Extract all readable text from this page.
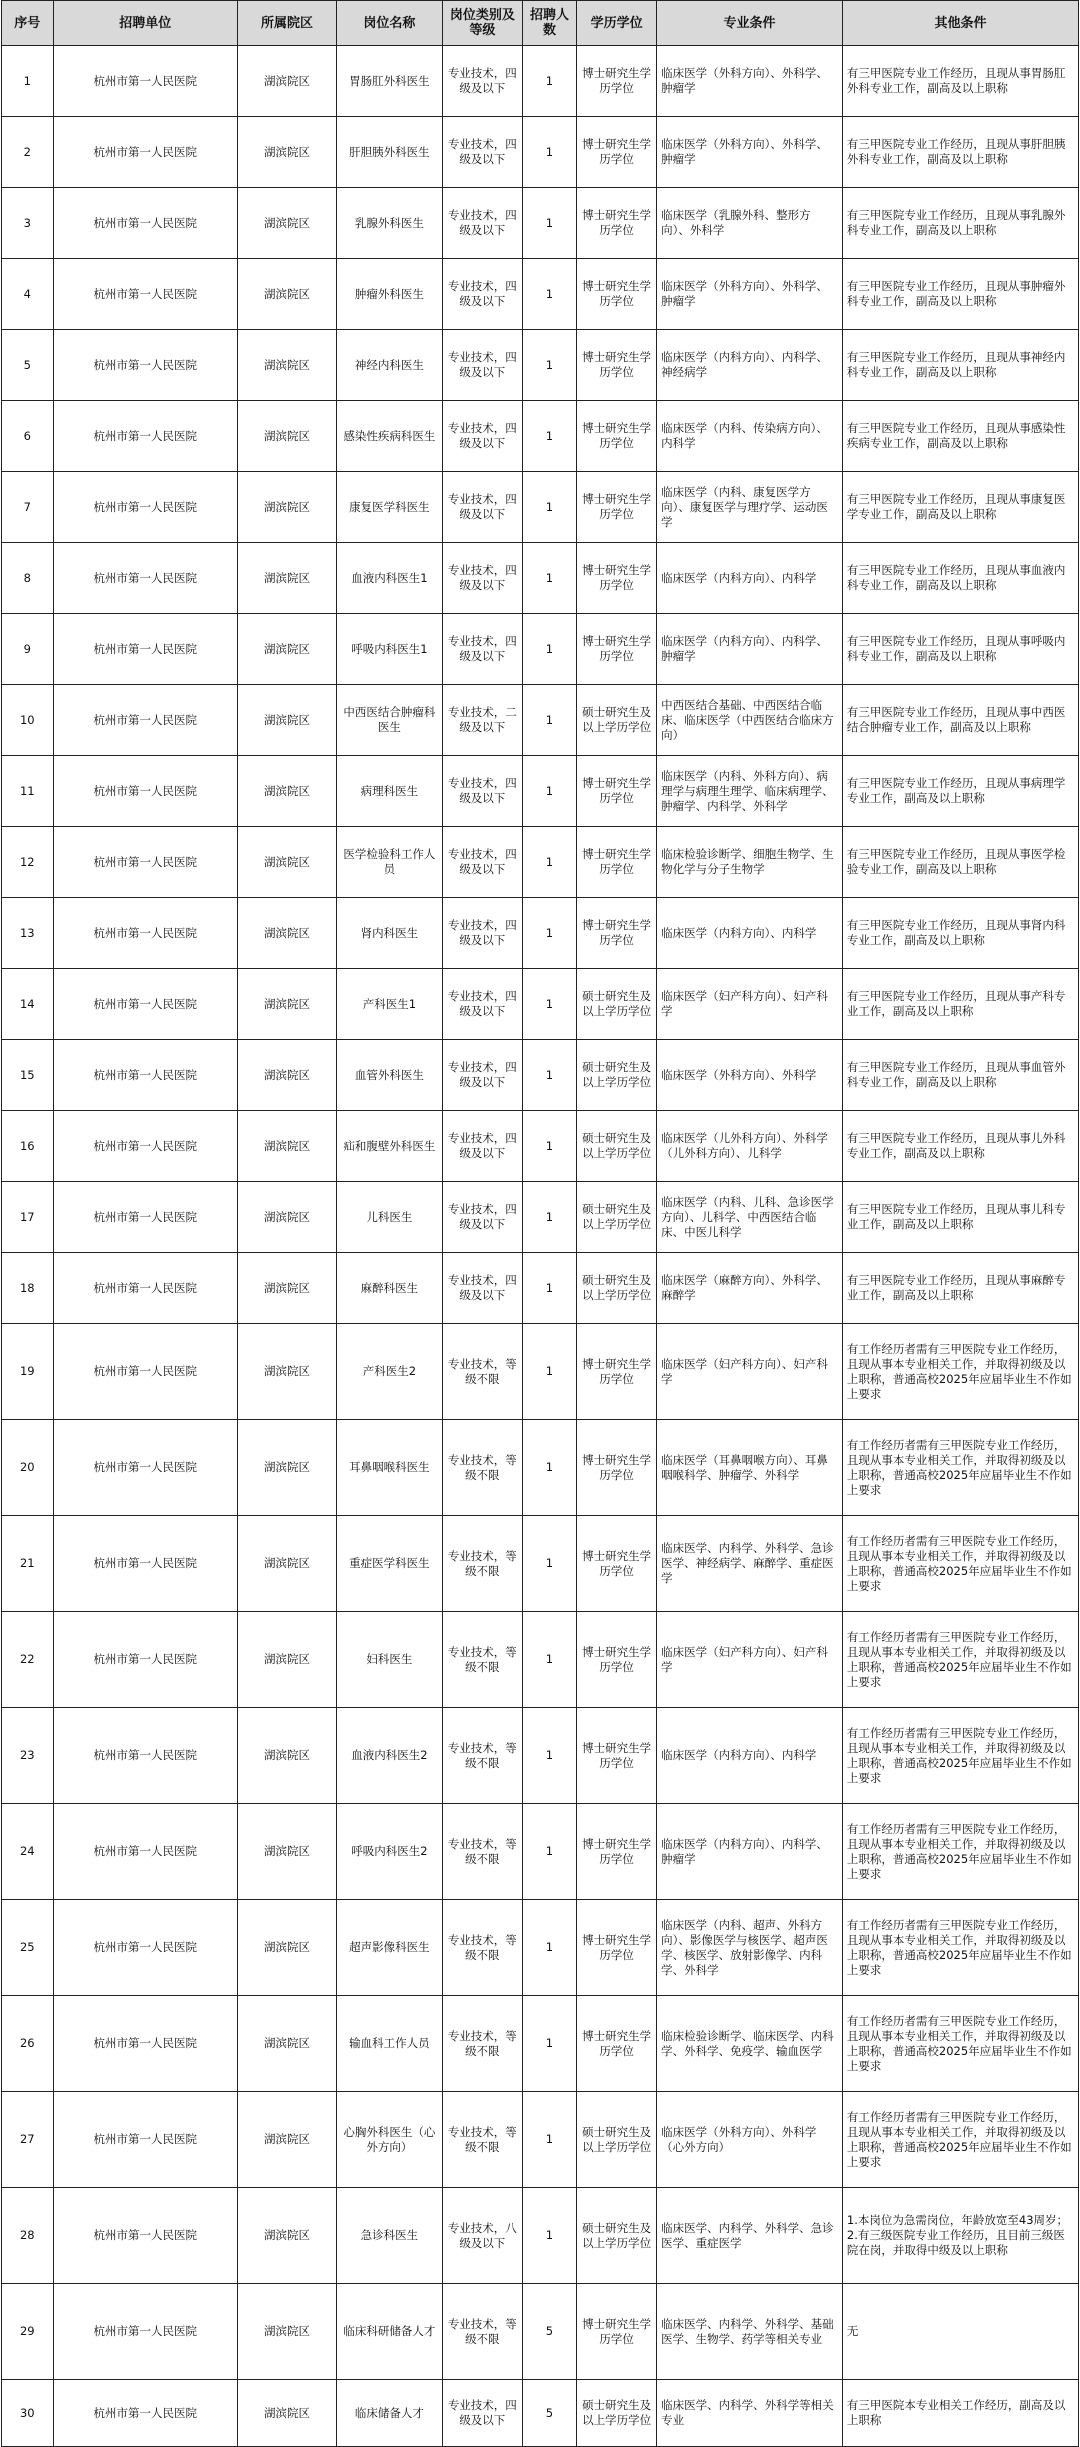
序号	招聘单位	所属院区	岗位名称	岗位类别及等级	招聘人数	学历学位	专业条件	其他条件
1	杭州市第一人民医院	湖滨院区	胃肠肛外科医生	专业技术，四级及以下	1	博士研究生学历学位	临床医学（外科方向）、外科学、肿瘤学	有三甲医院专业工作经历，且现从事胃肠肛外科专业工作，副高及以上职称
2	杭州市第一人民医院	湖滨院区	肝胆胰外科医生	专业技术，四级及以下	1	博士研究生学历学位	临床医学（外科方向）、外科学、肿瘤学	有三甲医院专业工作经历，且现从事肝胆胰外科专业工作，副高及以上职称
3	杭州市第一人民医院	湖滨院区	乳腺外科医生	专业技术，四级及以下	1	博士研究生学历学位	临床医学（乳腺外科、整形方向）、外科学	有三甲医院专业工作经历，且现从事乳腺外科专业工作，副高及以上职称
4	杭州市第一人民医院	湖滨院区	肿瘤外科医生	专业技术，四级及以下	1	博士研究生学历学位	临床医学（外科方向）、外科学、肿瘤学	有三甲医院专业工作经历，且现从事肿瘤外科专业工作，副高及以上职称
5	杭州市第一人民医院	湖滨院区	神经内科医生	专业技术，四级及以下	1	博士研究生学历学位	临床医学（内科方向）、内科学、神经病学	有三甲医院专业工作经历，且现从事神经内科专业工作，副高及以上职称
6	杭州市第一人民医院	湖滨院区	感染性疾病科医生	专业技术，四级及以下	1	博士研究生学历学位	临床医学（内科、传染病方向）、内科学	有三甲医院专业工作经历，且现从事感染性疾病专业工作，副高及以上职称
7	杭州市第一人民医院	湖滨院区	康复医学科医生	专业技术，四级及以下	1	博士研究生学历学位	临床医学（内科、康复医学方向）、康复医学与理疗学、运动医学	有三甲医院专业工作经历，且现从事康复医学专业工作，副高及以上职称
8	杭州市第一人民医院	湖滨院区	血液内科医生1	专业技术，四级及以下	1	博士研究生学历学位	临床医学（内科方向）、内科学	有三甲医院专业工作经历，且现从事血液内科专业工作，副高及以上职称
9	杭州市第一人民医院	湖滨院区	呼吸内科医生1	专业技术，四级及以下	1	博士研究生学历学位	临床医学（内科方向）、内科学、肿瘤学	有三甲医院专业工作经历，且现从事呼吸内科专业工作，副高及以上职称
10	杭州市第一人民医院	湖滨院区	中西医结合肿瘤科医生	专业技术，二级及以下	1	硕士研究生及以上学历学位	中西医结合基础、中西医结合临床、临床医学（中西医结合临床方向）	有三甲医院专业工作经历，且现从事中西医结合肿瘤专业工作，副高及以上职称
11	杭州市第一人民医院	湖滨院区	病理科医生	专业技术，四级及以下	1	博士研究生学历学位	临床医学（内科、外科方向）、病理学与病理生理学、临床病理学、肿瘤学、内科学、外科学	有三甲医院专业工作经历，且现从事病理学专业工作，副高及以上职称
12	杭州市第一人民医院	湖滨院区	医学检验科工作人员	专业技术，四级及以下	1	博士研究生学历学位	临床检验诊断学、细胞生物学、生物化学与分子生物学	有三甲医院专业工作经历，且现从事医学检验专业工作，副高及以上职称
13	杭州市第一人民医院	湖滨院区	肾内科医生	专业技术，四级及以下	1	博士研究生学历学位	临床医学（内科方向）、内科学	有三甲医院专业工作经历，且现从事肾内科专业工作，副高及以上职称
14	杭州市第一人民医院	湖滨院区	产科医生1	专业技术，四级及以下	1	硕士研究生及以上学历学位	临床医学（妇产科方向）、妇产科学	有三甲医院专业工作经历，且现从事产科专业工作，副高及以上职称
15	杭州市第一人民医院	湖滨院区	血管外科医生	专业技术，四级及以下	1	硕士研究生及以上学历学位	临床医学（外科方向）、外科学	有三甲医院专业工作经历，且现从事血管外科专业工作，副高及以上职称
16	杭州市第一人民医院	湖滨院区	疝和腹壁外科医生	专业技术，四级及以下	1	硕士研究生及以上学历学位	临床医学（儿外科方向）、外科学（儿外科方向）、儿科学	有三甲医院专业工作经历，且现从事儿外科专业工作，副高及以上职称
17	杭州市第一人民医院	湖滨院区	儿科医生	专业技术，四级及以下	1	硕士研究生及以上学历学位	临床医学（内科、儿科、急诊医学方向）、儿科学、中西医结合临床、中医儿科学	有三甲医院专业工作经历，且现从事儿科专业工作，副高及以上职称
18	杭州市第一人民医院	湖滨院区	麻醉科医生	专业技术，四级及以下	1	硕士研究生及以上学历学位	临床医学（麻醉方向）、外科学、麻醉学	有三甲医院专业工作经历，且现从事麻醉专业工作，副高及以上职称
19	杭州市第一人民医院	湖滨院区	产科医生2	专业技术，等级不限	1	博士研究生学历学位	临床医学（妇产科方向）、妇产科学	有工作经历者需有三甲医院专业工作经历，且现从事本专业相关工作，并取得初级及以上职称，普通高校2025年应届毕业生不作如上要求
20	杭州市第一人民医院	湖滨院区	耳鼻咽喉科医生	专业技术，等级不限	1	博士研究生学历学位	临床医学（耳鼻咽喉方向）、耳鼻咽喉科学、肿瘤学、外科学	有工作经历者需有三甲医院专业工作经历，且现从事本专业相关工作，并取得初级及以上职称，普通高校2025年应届毕业生不作如上要求
21	杭州市第一人民医院	湖滨院区	重症医学科医生	专业技术，等级不限	1	博士研究生学历学位	临床医学、内科学、外科学、急诊医学、神经病学、麻醉学、重症医学	有工作经历者需有三甲医院专业工作经历，且现从事本专业相关工作，并取得初级及以上职称，普通高校2025年应届毕业生不作如上要求
22	杭州市第一人民医院	湖滨院区	妇科医生	专业技术，等级不限	1	博士研究生学历学位	临床医学（妇产科方向）、妇产科学	有工作经历者需有三甲医院专业工作经历，且现从事本专业相关工作，并取得初级及以上职称，普通高校2025年应届毕业生不作如上要求
23	杭州市第一人民医院	湖滨院区	血液内科医生2	专业技术，等级不限	1	博士研究生学历学位	临床医学（内科方向）、内科学	有工作经历者需有三甲医院专业工作经历，且现从事本专业相关工作，并取得初级及以上职称，普通高校2025年应届毕业生不作如上要求
24	杭州市第一人民医院	湖滨院区	呼吸内科医生2	专业技术，等级不限	1	博士研究生学历学位	临床医学（内科方向）、内科学、肿瘤学	有工作经历者需有三甲医院专业工作经历，且现从事本专业相关工作，并取得初级及以上职称，普通高校2025年应届毕业生不作如上要求
25	杭州市第一人民医院	湖滨院区	超声影像科医生	专业技术，等级不限	1	博士研究生学历学位	临床医学（内科、超声、外科方向）、影像医学与核医学、超声医学、核医学、放射影像学、内科学、外科学	有工作经历者需有三甲医院专业工作经历，且现从事本专业相关工作，并取得初级及以上职称，普通高校2025年应届毕业生不作如上要求
26	杭州市第一人民医院	湖滨院区	输血科工作人员	专业技术，等级不限	1	博士研究生学历学位	临床检验诊断学、临床医学、内科学、外科学、免疫学、输血医学	有工作经历者需有三甲医院专业工作经历，且现从事本专业相关工作，并取得初级及以上职称，普通高校2025年应届毕业生不作如上要求
27	杭州市第一人民医院	湖滨院区	心胸外科医生（心外方向）	专业技术，等级不限	1	硕士研究生及以上学历学位	临床医学（外科方向）、外科学（心外方向）	有工作经历者需有三甲医院专业工作经历，且现从事本专业相关工作，并取得初级及以上职称，普通高校2025年应届毕业生不作如上要求
28	杭州市第一人民医院	湖滨院区	急诊科医生	专业技术，八级及以下	1	硕士研究生及以上学历学位	临床医学、内科学、外科学、急诊医学、重症医学	1.本岗位为急需岗位，年龄放宽至43周岁；
2.有三级医院专业工作经历，且目前三级医院在岗，并取得中级及以上职称
29	杭州市第一人民医院	湖滨院区	临床科研储备人才	专业技术，等级不限	5	博士研究生学历学位	临床医学、内科学、外科学、基础医学、生物学、药学等相关专业	无
30	杭州市第一人民医院	湖滨院区	临床储备人才	专业技术，四级及以下	5	硕士研究生及以上学历学位	临床医学、内科学、外科学等相关专业	有三甲医院本专业相关工作经历，副高及以上职称
